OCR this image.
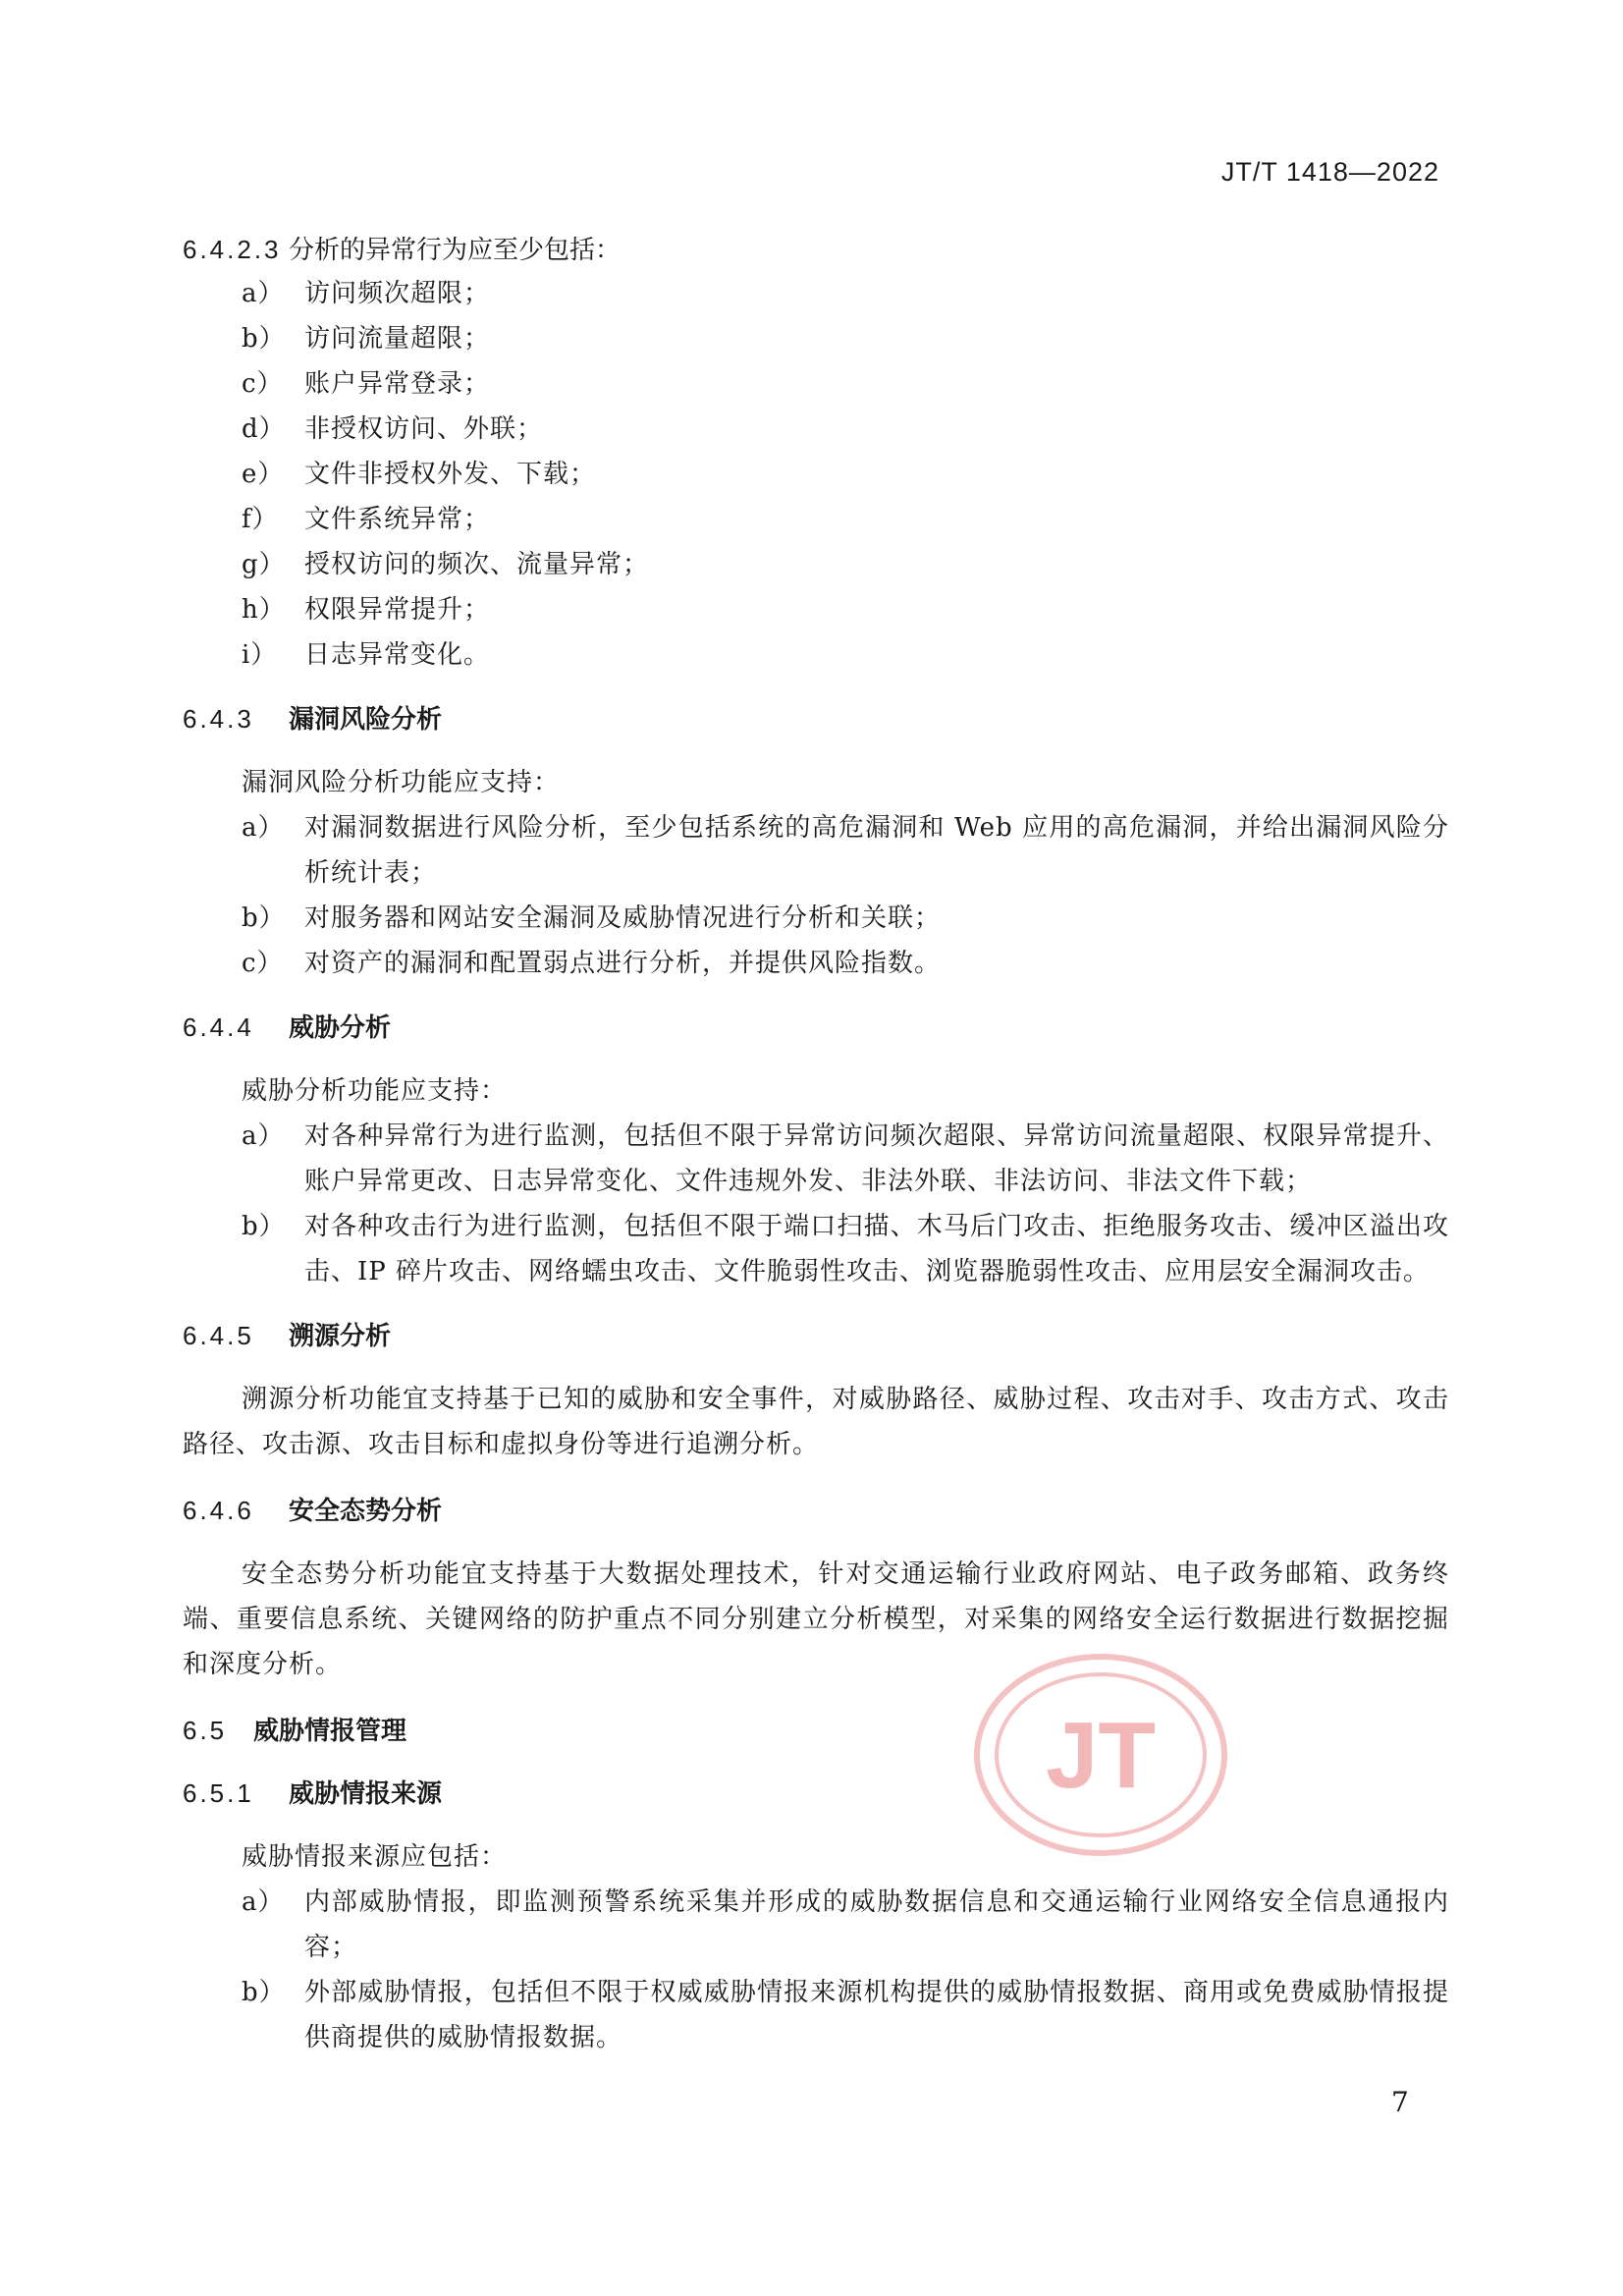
JT/T 1418—2022
JT
6.4.2.3 分析的异常行为应至少包括：
a） 访问频次超限；
b） 访问流量超限；
c） 账户异常登录；
d） 非授权访问、外联；
e） 文件非授权外发、下载；
f） 文件系统异常；
g） 授权访问的频次、流量异常；
h） 权限异常提升；
i） 日志异常变化。
6.4.3 漏洞风险分析
漏洞风险分析功能应支持：
a） 对漏洞数据进行风险分析，至少包括系统的高危漏洞和 Web 应用的高危漏洞，并给出漏洞风险分析统计表；
b） 对服务器和网站安全漏洞及威胁情况进行分析和关联；
c） 对资产的漏洞和配置弱点进行分析，并提供风险指数。
6.4.4 威胁分析
威胁分析功能应支持：
a） 对各种异常行为进行监测，包括但不限于异常访问频次超限、异常访问流量超限、权限异常提升、账户异常更改、日志异常变化、文件违规外发、非法外联、非法访问、非法文件下载；
b） 对各种攻击行为进行监测，包括但不限于端口扫描、木马后门攻击、拒绝服务攻击、缓冲区溢出攻击、IP 碎片攻击、网络蠕虫攻击、文件脆弱性攻击、浏览器脆弱性攻击、应用层安全漏洞攻击。
6.4.5 溯源分析

溯源分析功能宜支持基于已知的威胁和安全事件，对威胁路径、威胁过程、攻击对手、攻击方式、攻击路径、攻击源、攻击目标和虚拟身份等进行追溯分析。

6.4.6 安全态势分析

安全态势分析功能宜支持基于大数据处理技术，针对交通运输行业政府网站、电子政务邮箱、政务终端、重要信息系统、关键网络的防护重点不同分别建立分析模型，对采集的网络安全运行数据进行数据挖掘和深度分析。

6.5 威胁情报管理
6.5.1 威胁情报来源
威胁情报来源应包括：
a） 内部威胁情报，即监测预警系统采集并形成的威胁数据信息和交通运输行业网络安全信息通报内容；
b） 外部威胁情报，包括但不限于权威威胁情报来源机构提供的威胁情报数据、商用或免费威胁情报提供商提供的威胁情报数据。
7
